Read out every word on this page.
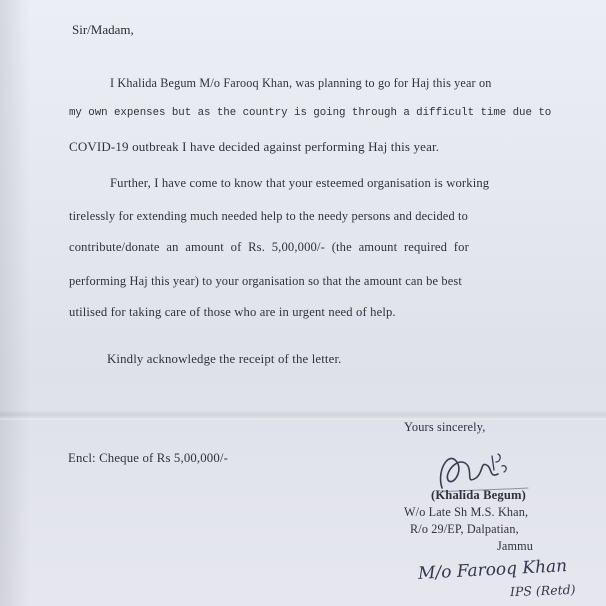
Sir/Madam,
I Khalida Begum M/o Farooq Khan, was planning to go for Haj this year on
my own expenses but as the country is going through a difficult time due to
COVID-19 outbreak I have decided against performing Haj this year.
Further, I have come to know that your esteemed organisation is working
tirelessly for extending much needed help to the needy persons and decided to
contribute/donate an amount of Rs. 5,00,000/- (the amount required for
performing Haj this year) to your organisation so that the amount can be best
utilised for taking care of those who are in urgent need of help.
Kindly acknowledge the receipt of the letter.
Yours sincerely,
Encl: Cheque of Rs 5,00,000/-
(Khalida Begum)
W/o Late Sh M.S. Khan,
R/o 29/EP, Dalpatian,
Jammu
M/o Farooq Khan
IPS (Retd)
